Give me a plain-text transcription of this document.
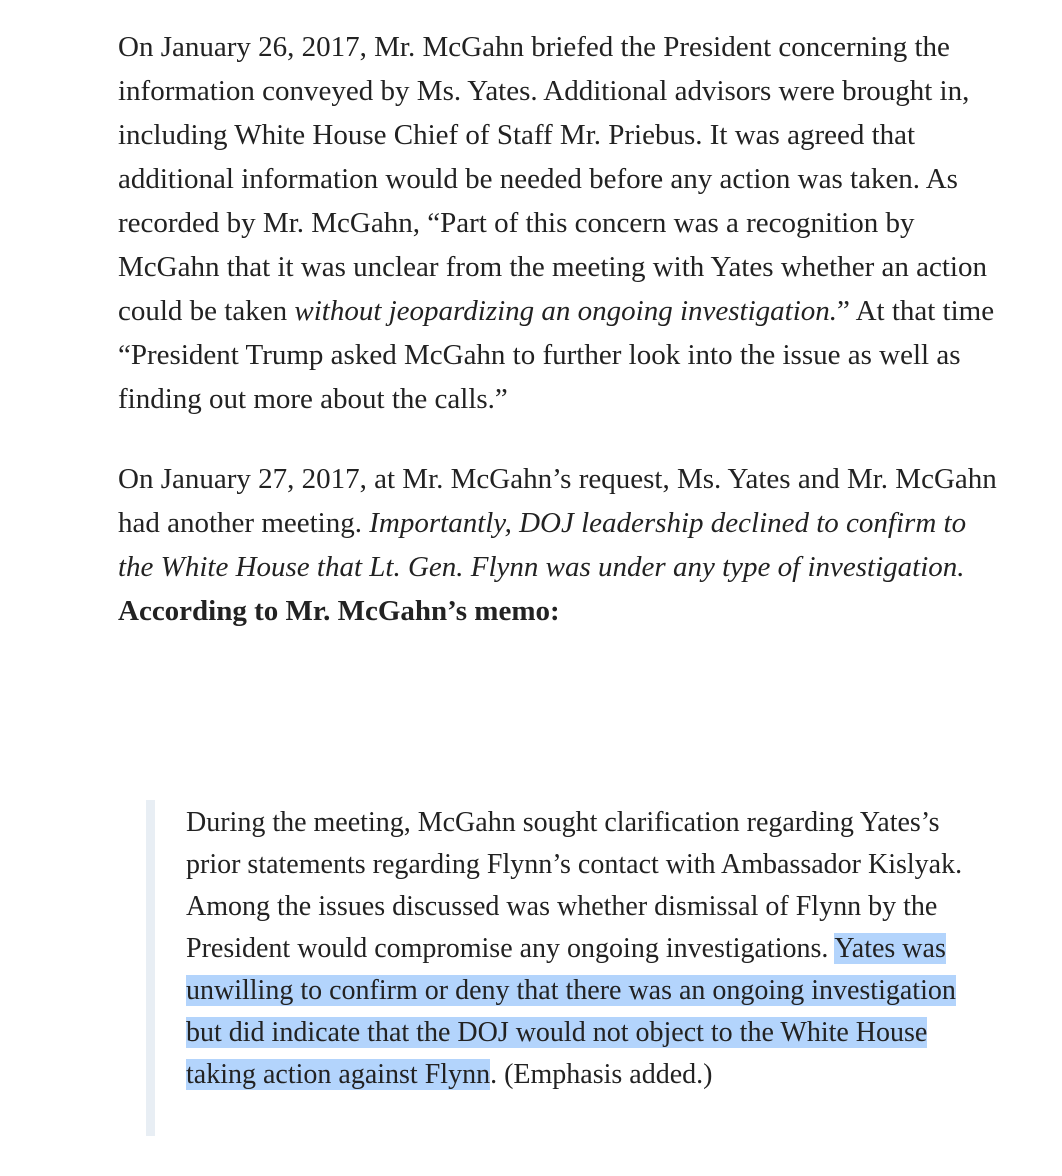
On January 26, 2017, Mr. McGahn briefed the President concerning the information conveyed by Ms. Yates. Additional advisors were brought in, including White House Chief of Staff Mr. Priebus. It was agreed that additional information would be needed before any action was taken. As recorded by Mr. McGahn, “Part of this concern was a recognition by McGahn that it was unclear from the meeting with Yates whether an action could be taken without jeopardizing an ongoing investigation.” At that time “President Trump asked McGahn to further look into the issue as well as finding out more about the calls.”

On January 27, 2017, at Mr. McGahn’s request, Ms. Yates and Mr. McGahn had another meeting. Importantly, DOJ leadership declined to confirm to the White House that Lt. Gen. Flynn was under any type of investigation. According to Mr. McGahn’s memo:

During the meeting, McGahn sought clarification regarding Yates’s prior statements regarding Flynn’s contact with Ambassador Kislyak. Among the issues discussed was whether dismissal of Flynn by the President would compromise any ongoing investigations. Yates was unwilling to confirm or deny that there was an ongoing investigation but did indicate that the DOJ would not object to the White House taking action against Flynn. (Emphasis added.)
